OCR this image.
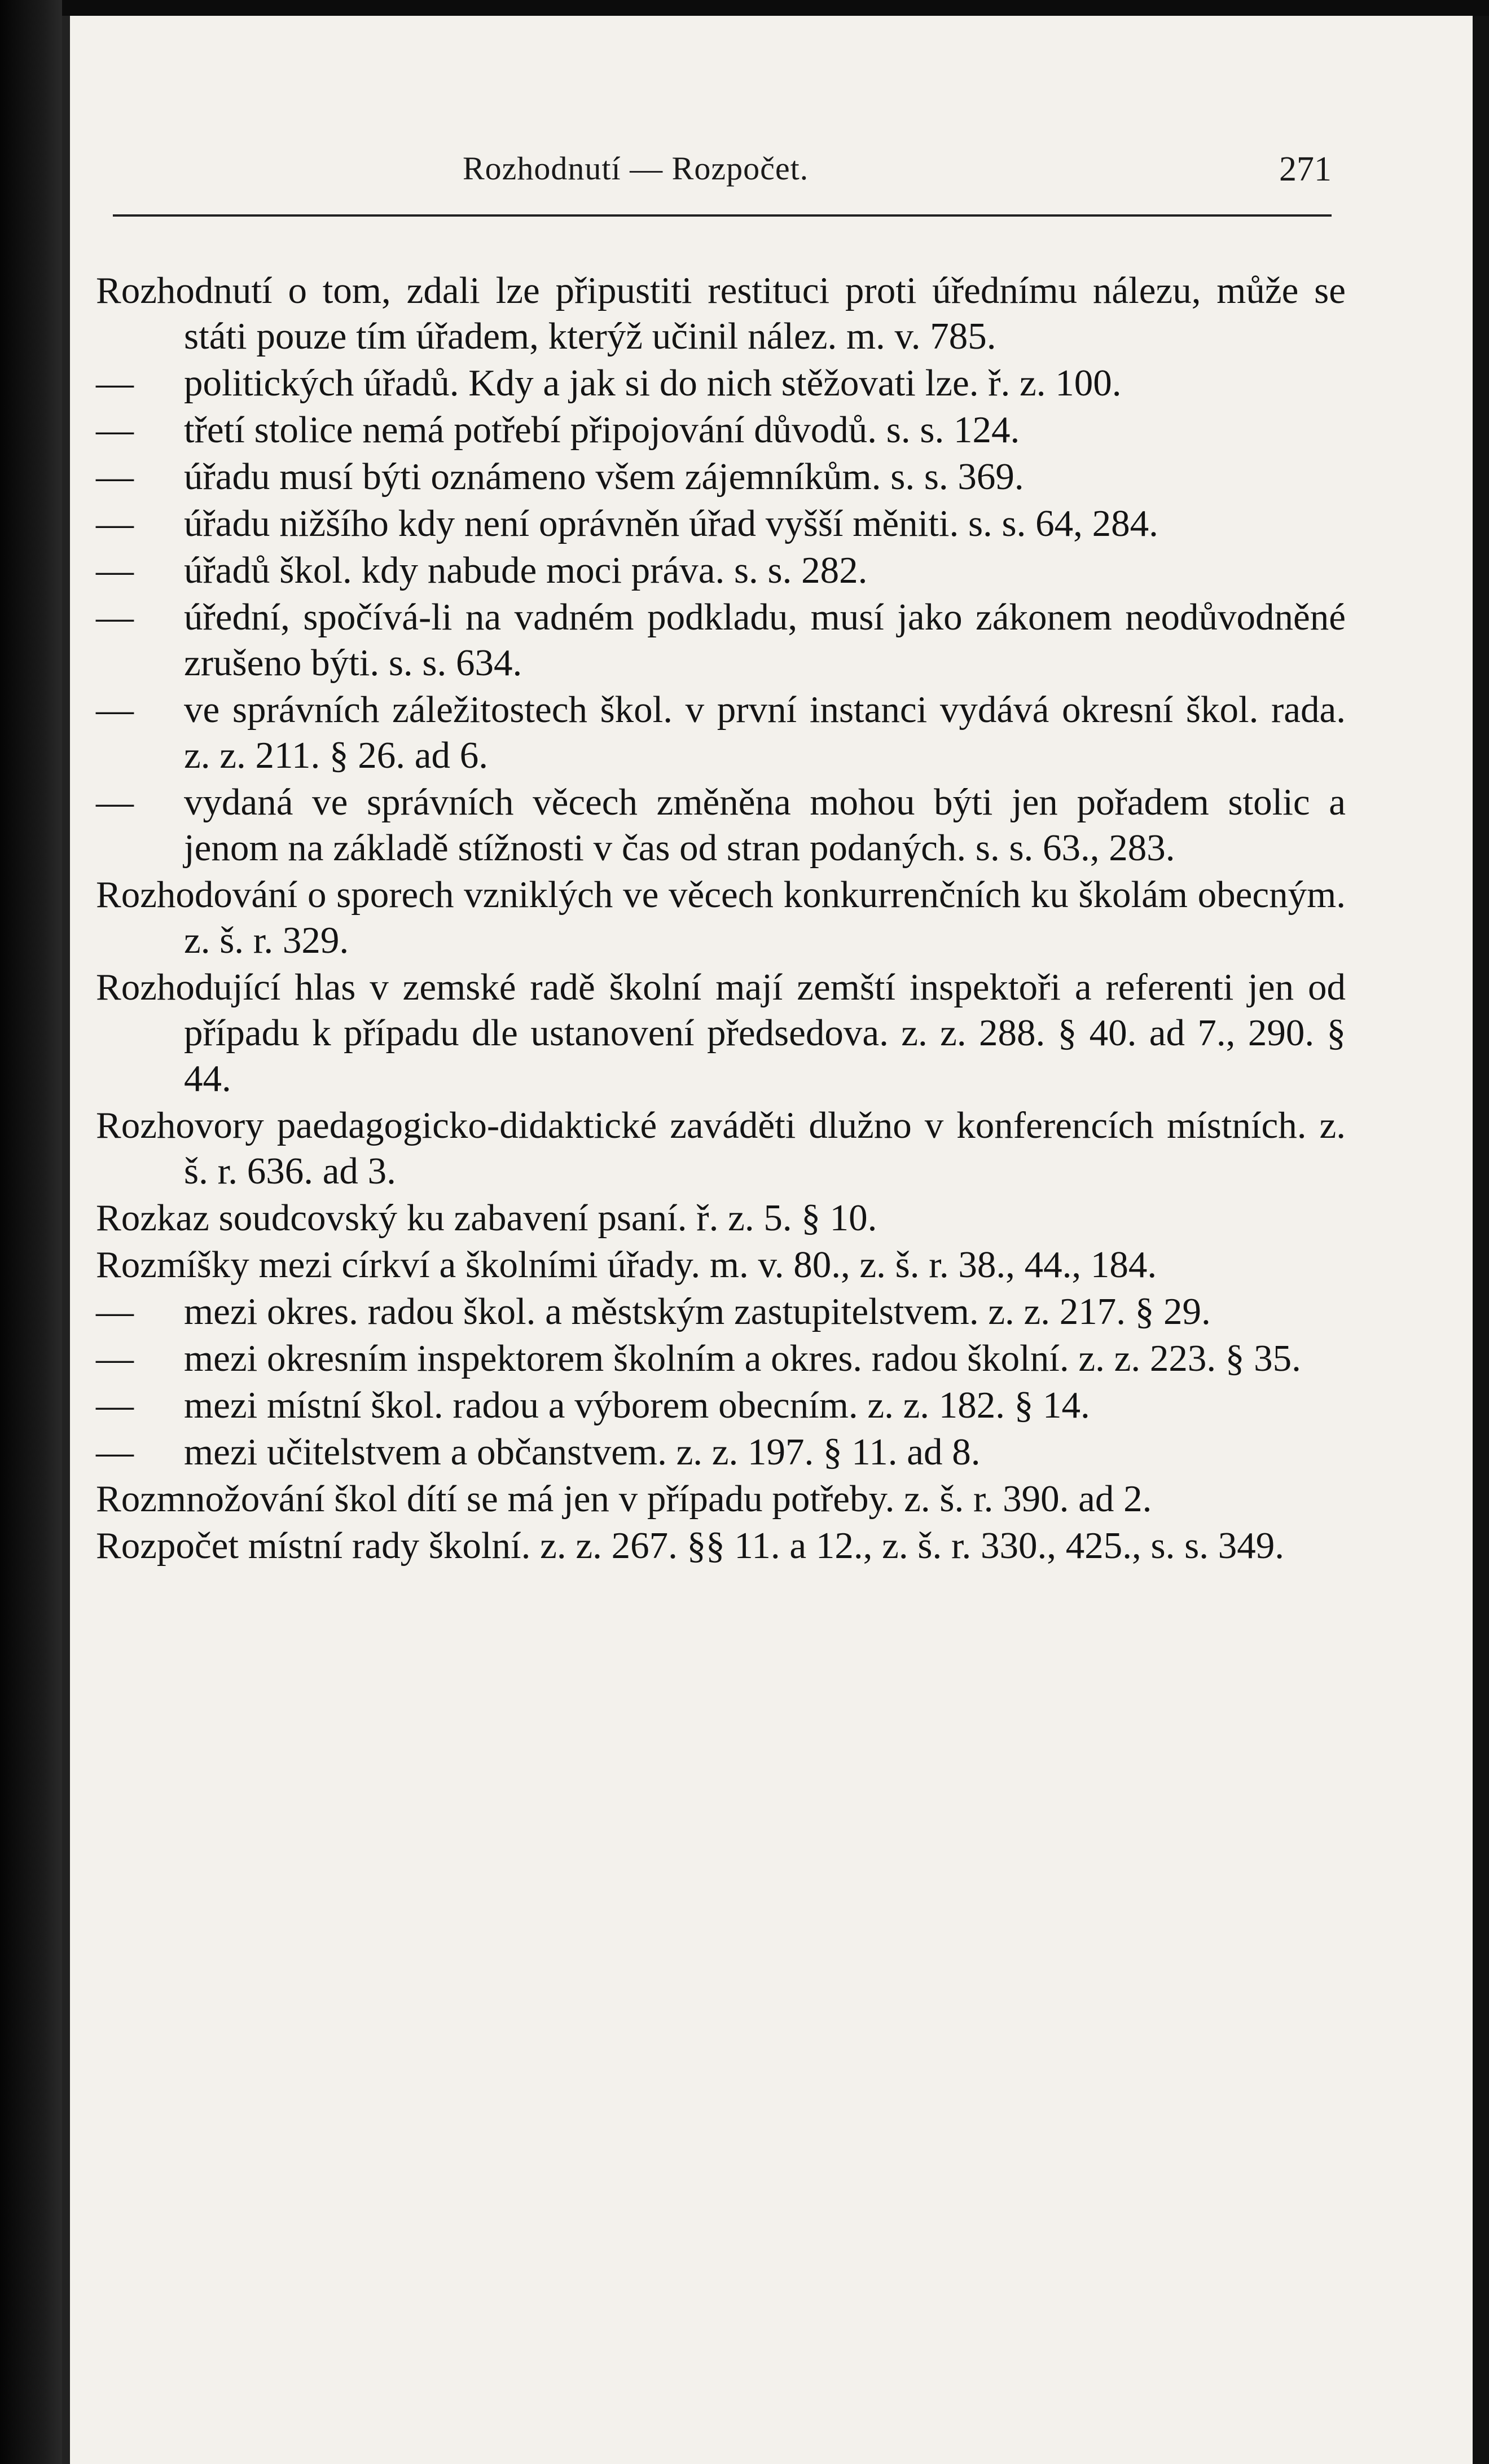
Rozhodnutí — Rozpočet.	271

Rozhodnutí o tom, zdali lze připustiti restituci proti úřednímu nálezu, může se státi pouze tím úřadem, kterýž učinil nález. m. v. 785.

— politických úřadů. Kdy a jak si do nich stěžovati lze. ř. z. 100.

— třetí stolice nemá potřebí připojování důvodů. s. s. 124.

— úřadu musí býti oznámeno všem zájemníkům. s. s. 369.

— úřadu nižšího kdy není oprávněn úřad vyšší měniti. s. s. 64, 284.

— úřadů škol. kdy nabude moci práva. s. s. 282.

— úřední, spočívá-li na vadném podkladu, musí jako zákonem neodůvodněné zrušeno býti. s. s. 634.

— ve správních záležitostech škol. v první instanci vydává okresní škol. rada. z. z. 211. § 26. ad 6.

— vydaná ve správních věcech změněna mohou býti jen pořadem stolic a jenom na základě stížnosti v čas od stran podaných. s. s. 63., 283.

Rozhodování o sporech vzniklých ve věcech konkurrenčních ku školám obecným. z. š. r. 329.

Rozhodující hlas v zemské radě školní mají zemští inspektoři a referenti jen od případu k případu dle ustanovení předsedova. z. z. 288. § 40. ad 7., 290. § 44.

Rozhovory paedagogicko-didaktické zaváděti dlužno v konferencích místních. z. š. r. 636. ad 3.

Rozkaz soudcovský ku zabavení psaní. ř. z. 5. § 10.

Rozmíšky mezi církví a školními úřady. m. v. 80., z. š. r. 38., 44., 184.

— mezi okres. radou škol. a městským zastupitelstvem. z. z. 217. § 29.

— mezi okresním inspektorem školním a okres. radou školní. z. z. 223. § 35.

— mezi místní škol. radou a výborem obecním. z. z. 182. § 14.

— mezi učitelstvem a občanstvem. z. z. 197. § 11. ad 8.

Rozmnožování škol dítí se má jen v případu potřeby. z. š. r. 390. ad 2.

Rozpočet místní rady školní. z. z. 267. §§ 11. a 12., z. š. r. 330., 425., s. s. 349.
